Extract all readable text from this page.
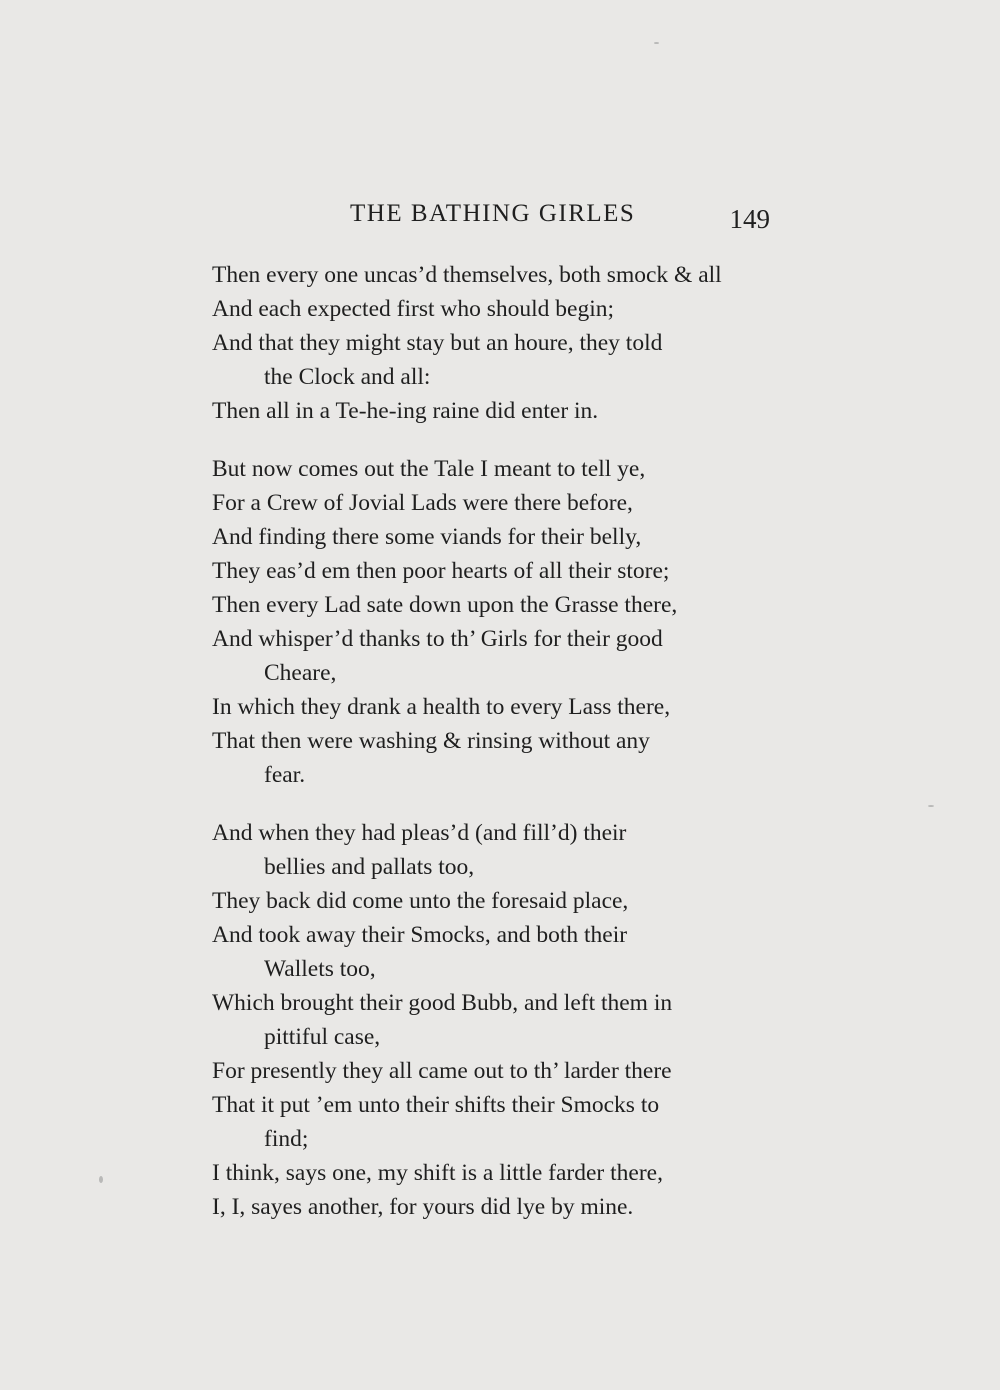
THE BATHING GIRLES	149
Then every one uncas’d themselves, both smock & all
And each expected first who should begin;
And that they might stay but an houre, they told
the Clock and all:
Then all in a Te-he-ing raine did enter in.
But now comes out the Tale I meant to tell ye,
For a Crew of Jovial Lads were there before,
And finding there some viands for their belly,
They eas’d em then poor hearts of all their store;
Then every Lad sate down upon the Grasse there,
And whisper’d thanks to th’ Girls for their good
Cheare,
In which they drank a health to every Lass there,
That then were washing & rinsing without any
fear.
And when they had pleas’d (and fill’d) their
bellies and pallats too,
They back did come unto the foresaid place,
And took away their Smocks, and both their
Wallets too,
Which brought their good Bubb, and left them in
pittiful case,
For presently they all came out to th’ larder there
That it put ’em unto their shifts their Smocks to
find;
I think, says one, my shift is a little farder there,
I, I, sayes another, for yours did lye by mine.
